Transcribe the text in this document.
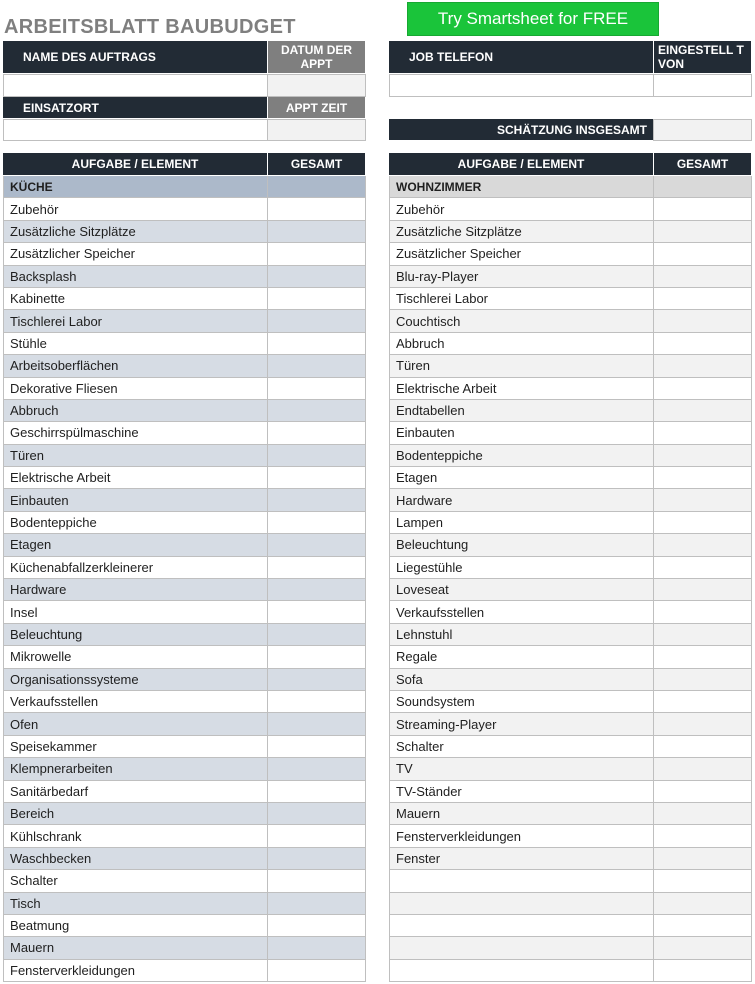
ARBEITSBLATT BAUBUDGET	Try Smartsheet for FREE
NAME DES AUFTRAGS	DATUM DER APPT
EINSATZORT	APPT ZEIT
JOB TELEFON	EINGESTELL T VON
SCHÄTZUNG INSGESAMT
AUFGABE / ELEMENT	GESAMT	AUFGABE / ELEMENT	GESAMT
KÜCHE
Zubehör
Zusätzliche Sitzplätze
Zusätzlicher Speicher
Backsplash
Kabinette
Tischlerei Labor
Stühle
Arbeitsoberflächen
Dekorative Fliesen
Abbruch
Geschirrspülmaschine
Türen
Elektrische Arbeit
Einbauten
Bodenteppiche
Etagen
Küchenabfallzerkleinerer
Hardware
Insel
Beleuchtung
Mikrowelle
Organisationssysteme
Verkaufsstellen
Ofen
Speisekammer
Klempnerarbeiten
Sanitärbedarf
Bereich
Kühlschrank
Waschbecken
Schalter
Tisch
Beatmung
Mauern
Fensterverkleidungen
WOHNZIMMER
Zubehör
Zusätzliche Sitzplätze
Zusätzlicher Speicher
Blu-ray-Player
Tischlerei Labor
Couchtisch
Abbruch
Türen
Elektrische Arbeit
Endtabellen
Einbauten
Bodenteppiche
Etagen
Hardware
Lampen
Beleuchtung
Liegestühle
Loveseat
Verkaufsstellen
Lehnstuhl
Regale
Sofa
Soundsystem
Streaming-Player
Schalter
TV
TV-Ständer
Mauern
Fensterverkleidungen
Fenster
